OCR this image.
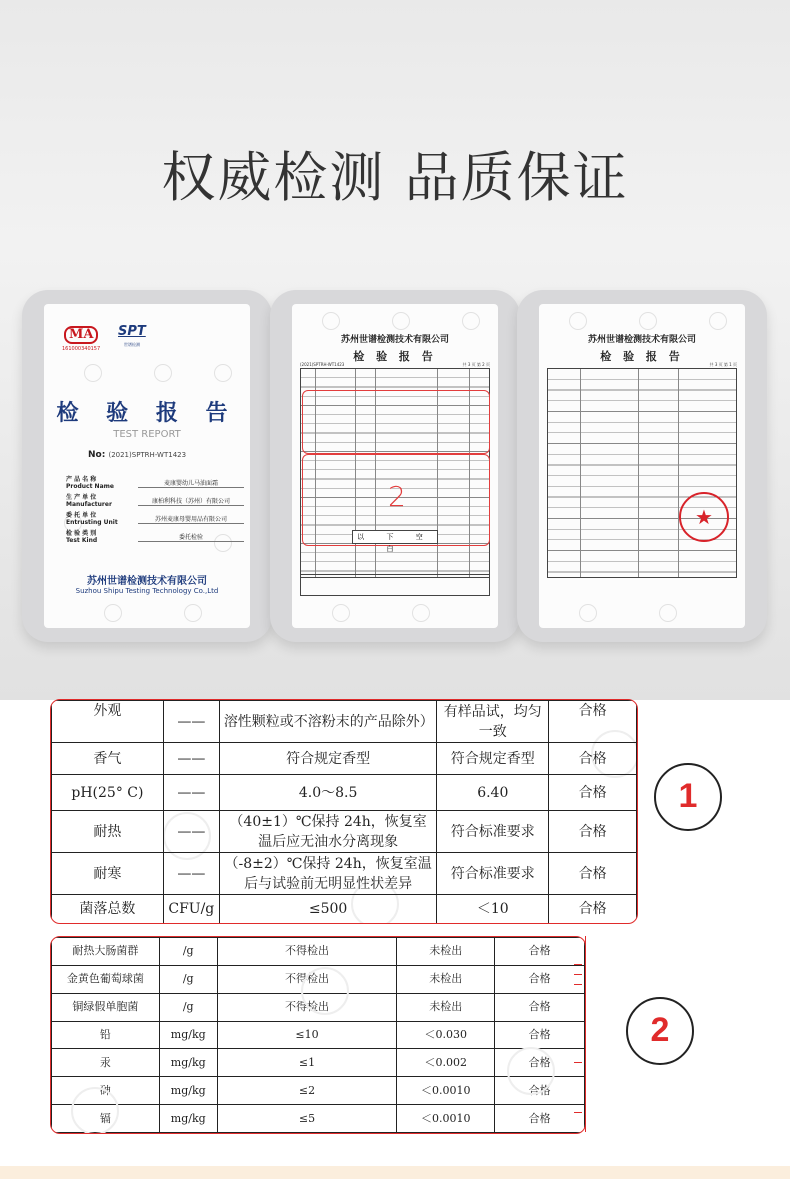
权威检测 品质保证
MA
161000340157
SPT
世谱检测
检 验 报 告
TEST REPORT
No: (2021)SPTRH-WT1423
产 品 名 称
Product Name	麦康婴幼儿马油面霜
生 产 单 位
Manufacturer	康柏利科技（苏州）有限公司
委 托 单 位
Entrusting Unit	苏州麦康母婴用品有限公司
检 验 类 别
Test Kind	委托检验
苏州世谱检测技术有限公司
Suzhou Shipu Testing Technology Co.,Ltd
苏州世谱检测技术有限公司
检 验 报 告
(2021)SPTRH-WT1423	共 3 页 第 2 页
2
以 下 空 白
苏州世谱检测技术有限公司
检 验 报 告
共 3 页 第 1 页
★
外观	——	溶性颗粒或不溶粉末的产品除外）	有样品试，均匀一致	合格
香气	——	符合规定香型	符合规定香型	合格
pH(25° C)	——	4.0～8.5	6.40	合格
耐热	——	（40±1）℃保持 24h，恢复室温后应无油水分离现象	符合标准要求	合格
耐寒	——	（-8±2）℃保持 24h，恢复室温后与试验前无明显性状差异	符合标准要求	合格
菌落总数	CFU/g	≤500	＜10	合格
1
耐热大肠菌群	/g	不得检出	未检出	合格
金黄色葡萄球菌	/g	不得检出	未检出	合格
铜绿假单胞菌	/g	不得检出	未检出	合格
铅	mg/kg	≤10	＜0.030	合格
汞	mg/kg	≤1	＜0.002	合格
砷	mg/kg	≤2	＜0.0010	合格
镉	mg/kg	≤5	＜0.0010	合格
2
